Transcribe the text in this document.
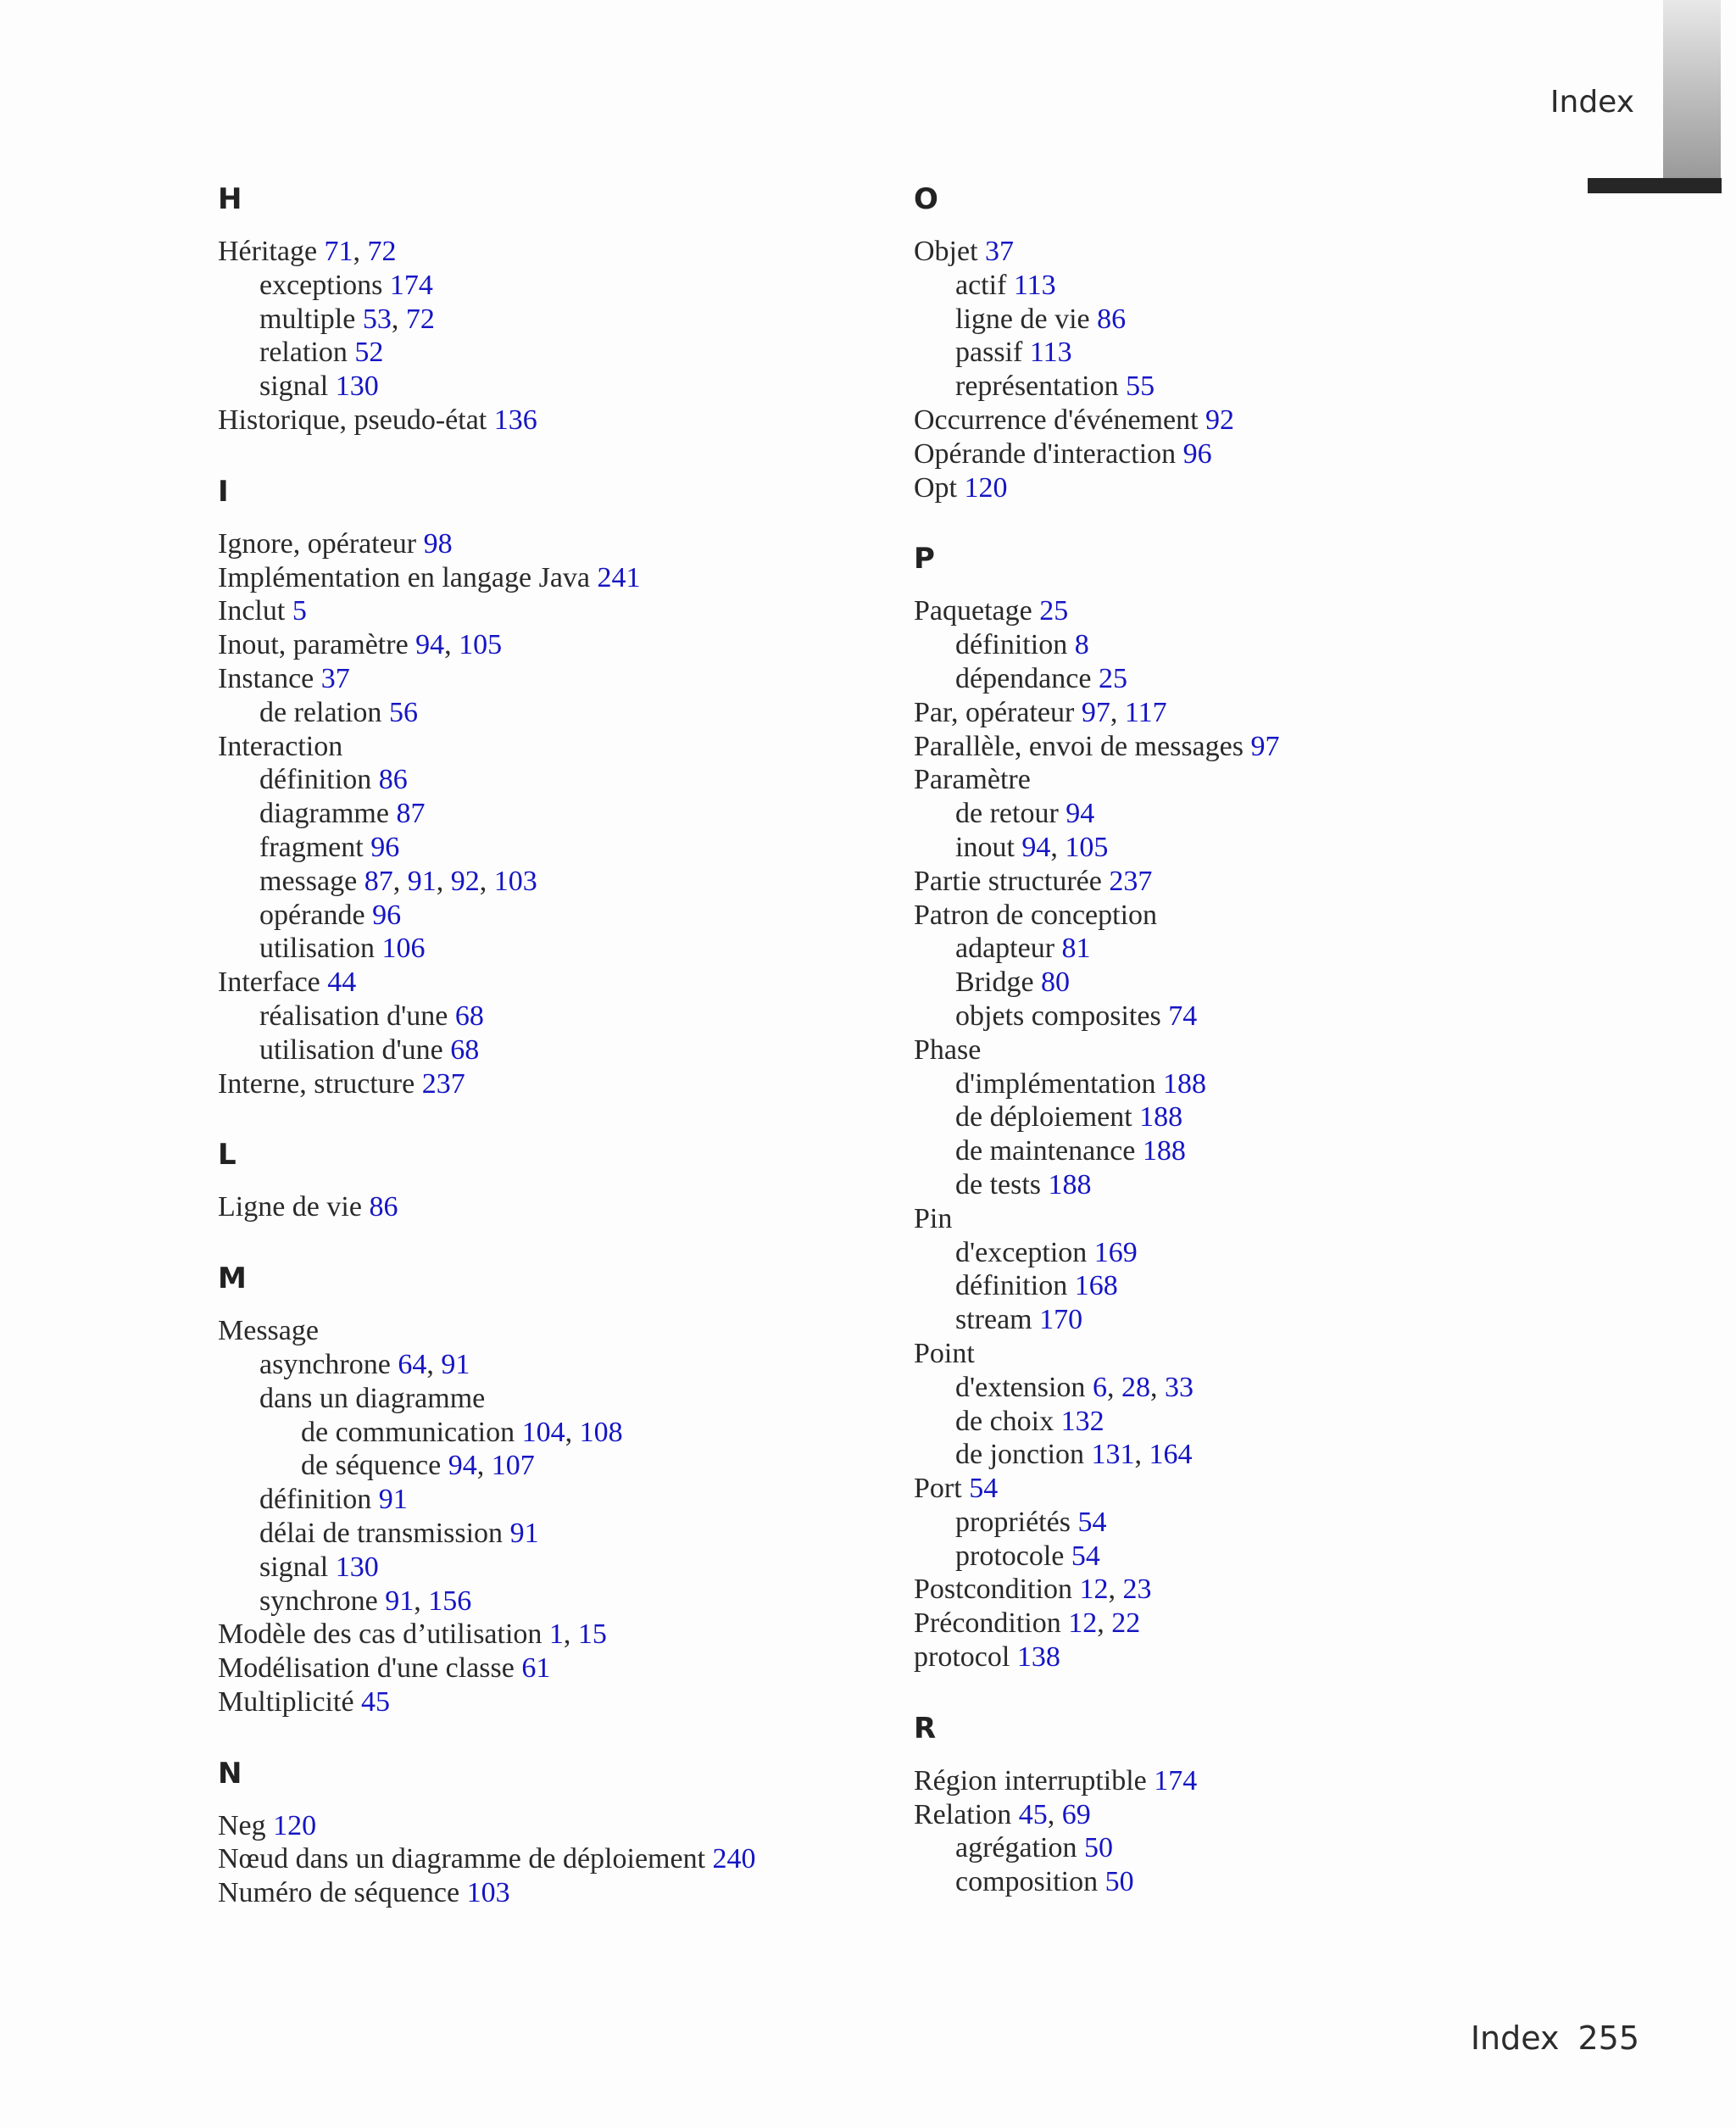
Index
H
Héritage 71, 72
exceptions 174
multiple 53, 72
relation 52
signal 130
Historique, pseudo-état 136
I
Ignore, opérateur 98
Implémentation en langage Java 241
Inclut 5
Inout, paramètre 94, 105
Instance 37
de relation 56
Interaction
définition 86
diagramme 87
fragment 96
message 87, 91, 92, 103
opérande 96
utilisation 106
Interface 44
réalisation d'une 68
utilisation d'une 68
Interne, structure 237
L
Ligne de vie 86
M
Message
asynchrone 64, 91
dans un diagramme
de communication 104, 108
de séquence 94, 107
définition 91
délai de transmission 91
signal 130
synchrone 91, 156
Modèle des cas d’utilisation 1, 15
Modélisation d'une classe 61
Multiplicité 45
N
Neg 120
Nœud dans un diagramme de déploiement 240
Numéro de séquence 103
O
Objet 37
actif 113
ligne de vie 86
passif 113
représentation 55
Occurrence d'événement 92
Opérande d'interaction 96
Opt 120
P
Paquetage 25
définition 8
dépendance 25
Par, opérateur 97, 117
Parallèle, envoi de messages 97
Paramètre
de retour 94
inout 94, 105
Partie structurée 237
Patron de conception
adapteur 81
Bridge 80
objets composites 74
Phase
d'implémentation 188
de déploiement 188
de maintenance 188
de tests 188
Pin
d'exception 169
définition 168
stream 170
Point
d'extension 6, 28, 33
de choix 132
de jonction 131, 164
Port 54
propriétés 54
protocole 54
Postcondition 12, 23
Précondition 12, 22
protocol 138
R
Région interruptible 174
Relation 45, 69
agrégation 50
composition 50
Index 255
